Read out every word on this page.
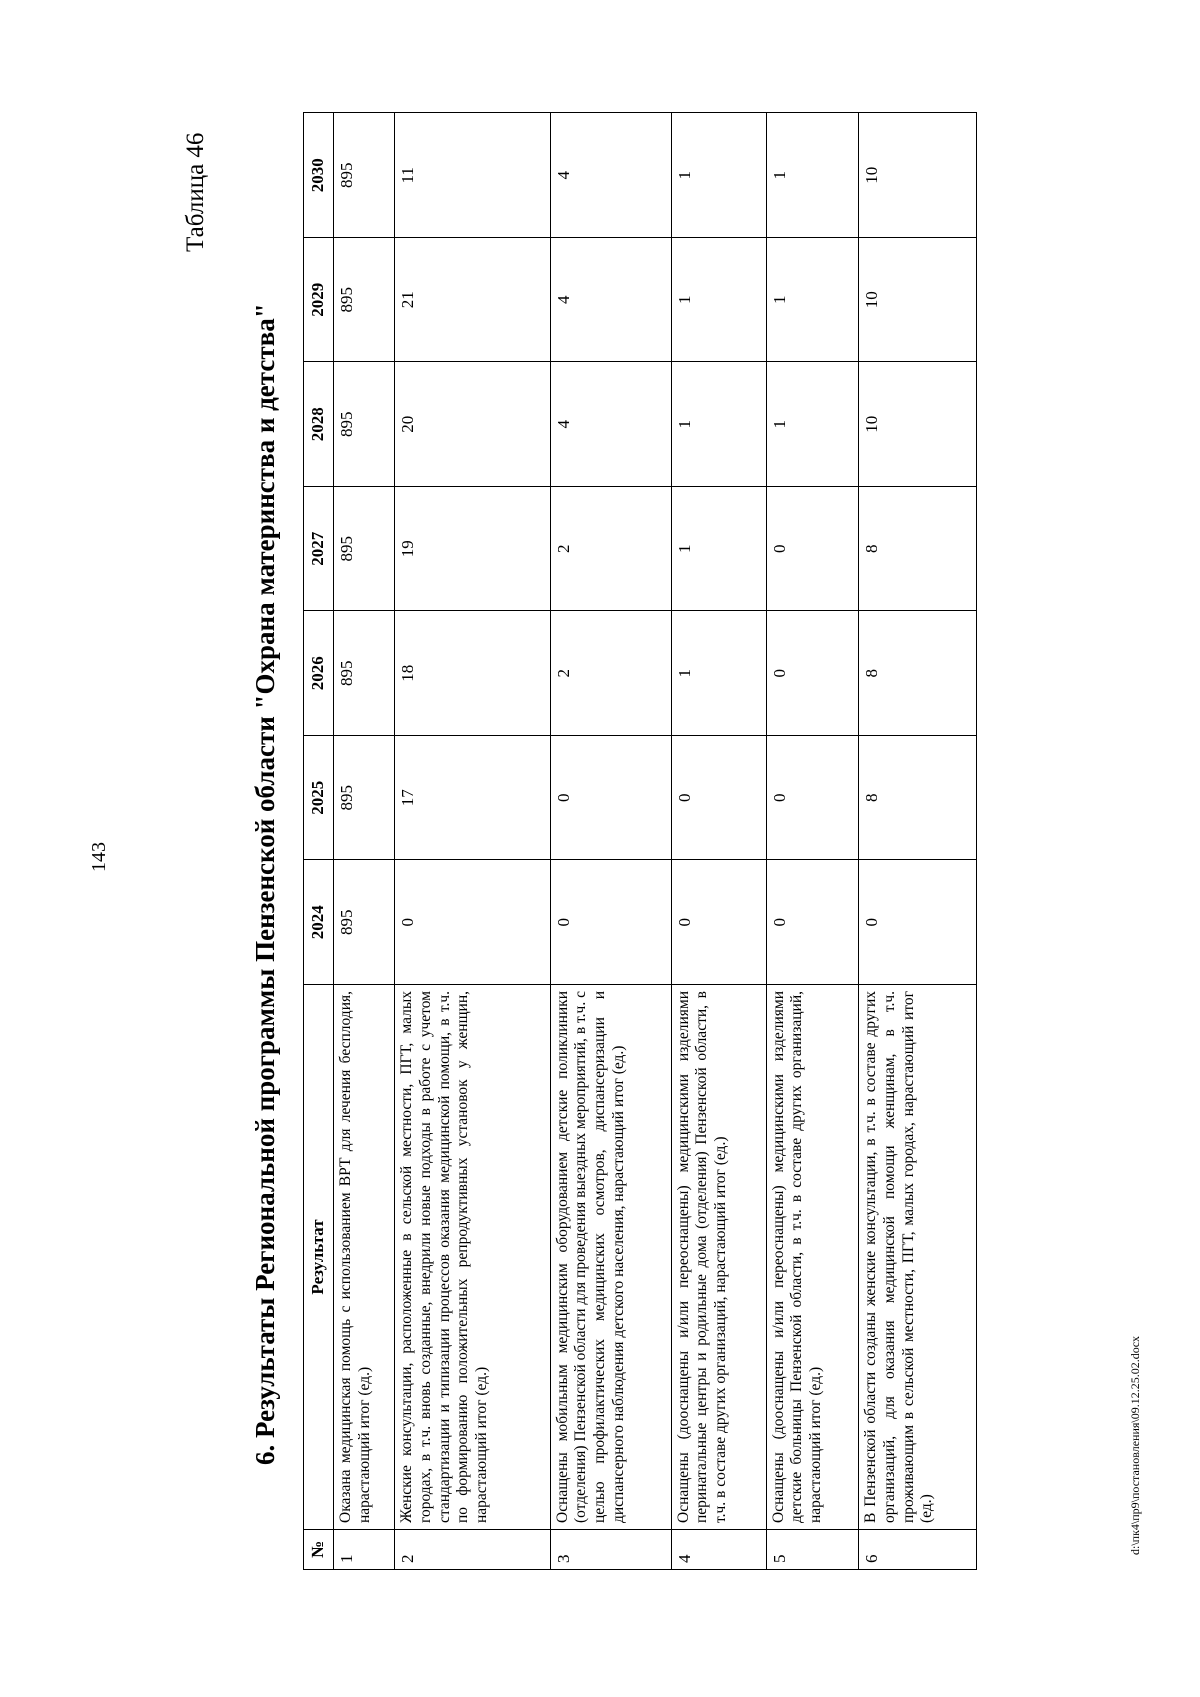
143
Таблица 46
6. Результаты Региональной программы Пензенской области "Охрана материнства и детства"
№	Результат	2024	2025	2026	2027	2028	2029	2030
1	Оказана медицинская помощь с использованием ВРТ для лечения бесплодия, нарастающий итог (ед.)	895	895	895	895	895	895	895
2	Женские консультации, расположенные в сельской местности, ПГТ, малых городах, в т.ч. вновь созданные, внедрили новые подходы в работе с учетом стандартизации и типизации процессов оказания медицинской помощи, в т.ч. по формированию положительных репродуктивных установок у женщин, нарастающий итог (ед.)	0	17	18	19	20	21	11
3	Оснащены мобильным медицинским оборудованием детские поликлиники (отделения) Пензенской области для проведения выездных мероприятий, в т.ч. с целью профилактических медицинских осмотров, диспансеризации и диспансерного наблюдения детского населения, нарастающий итог (ед.)	0	0	2	2	4	4	4
4	Оснащены (дооснащены и/или переоснащены) медицинскими изделиями перинатальные центры и родильные дома (отделения) Пензенской области, в т.ч. в составе других организаций, нарастающий итог (ед.)	0	0	1	1	1	1	1
5	Оснащены (дооснащены и/или переоснащены) медицинскими изделиями детские больницы Пензенской области, в т.ч. в составе других организаций, нарастающий итог (ед.)	0	0	0	0	1	1	1
6	В Пензенской области созданы женские консультации, в т.ч. в составе других организаций, для оказания медицинской помощи женщинам, в т.ч. проживающим в сельской местности, ПГТ, малых городах, нарастающий итог (ед.)	0	8	8	8	10	10	10
d:\пк4\пр9\постановления\09.12.25.02.docx
